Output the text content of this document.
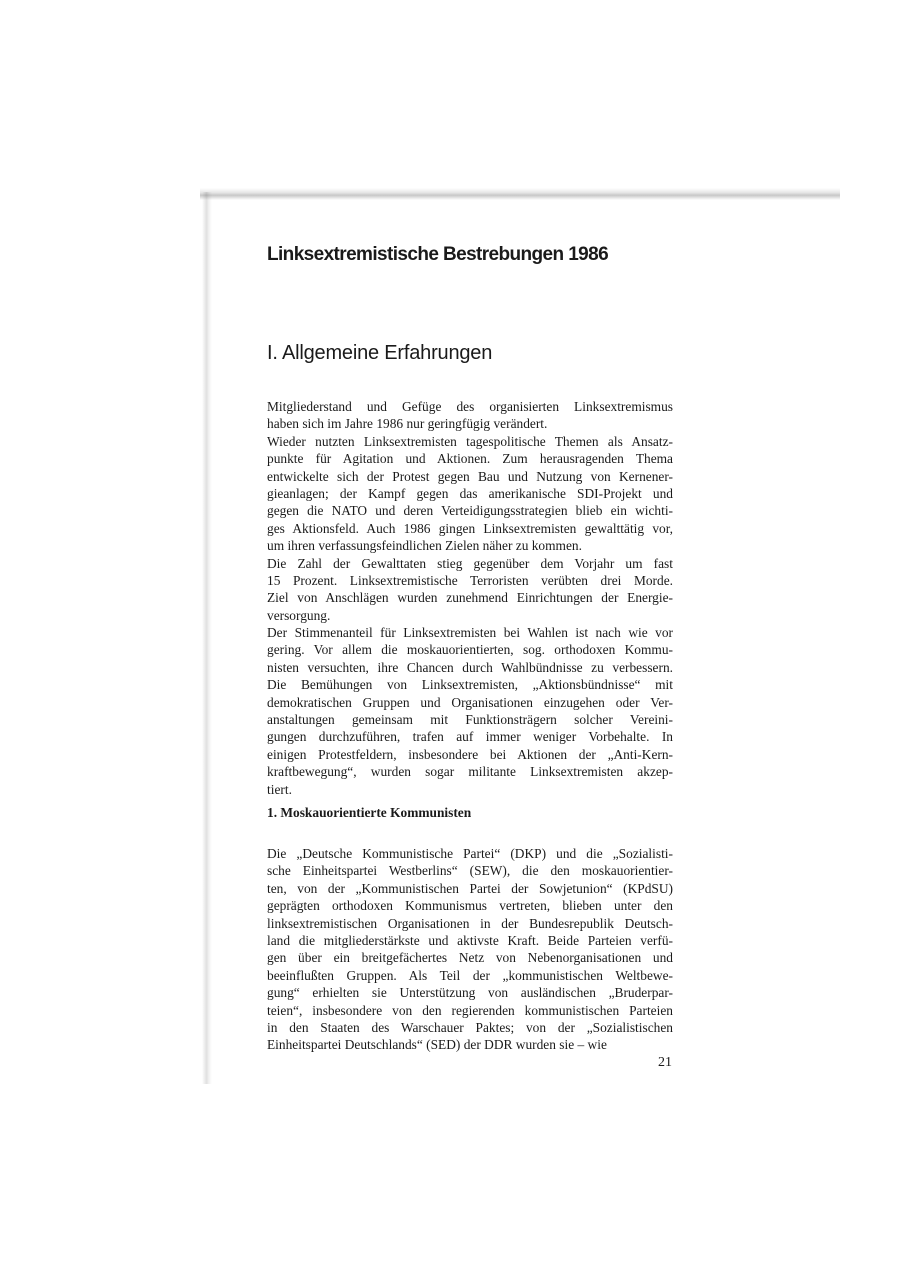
Linksextremistische Bestrebungen 1986
I. Allgemeine Erfahrungen
Mitgliederstand und Gefüge des organisierten Linksextremismus
haben sich im Jahre 1986 nur geringfügig verändert.
Wieder nutzten Linksextremisten tagespolitische Themen als Ansatz-
punkte für Agitation und Aktionen. Zum herausragenden Thema
entwickelte sich der Protest gegen Bau und Nutzung von Kernener-
gieanlagen; der Kampf gegen das amerikanische SDI-Projekt und
gegen die NATO und deren Verteidigungsstrategien blieb ein wichti-
ges Aktionsfeld. Auch 1986 gingen Linksextremisten gewalttätig vor,
um ihren verfassungsfeindlichen Zielen näher zu kommen.
Die Zahl der Gewalttaten stieg gegenüber dem Vorjahr um fast
15 Prozent. Linksextremistische Terroristen verübten drei Morde.
Ziel von Anschlägen wurden zunehmend Einrichtungen der Energie-
versorgung.
Der Stimmenanteil für Linksextremisten bei Wahlen ist nach wie vor
gering. Vor allem die moskauorientierten, sog. orthodoxen Kommu-
nisten versuchten, ihre Chancen durch Wahlbündnisse zu verbessern.
Die Bemühungen von Linksextremisten, „Aktionsbündnisse“ mit
demokratischen Gruppen und Organisationen einzugehen oder Ver-
anstaltungen gemeinsam mit Funktionsträgern solcher Vereini-
gungen durchzuführen, trafen auf immer weniger Vorbehalte. In
einigen Protestfeldern, insbesondere bei Aktionen der „Anti-Kern-
kraftbewegung“, wurden sogar militante Linksextremisten akzep-
tiert.
1. Moskauorientierte Kommunisten
Die „Deutsche Kommunistische Partei“ (DKP) und die „Sozialisti-
sche Einheitspartei Westberlins“ (SEW), die den moskauorientier-
ten, von der „Kommunistischen Partei der Sowjetunion“ (KPdSU)
geprägten orthodoxen Kommunismus vertreten, blieben unter den
linksextremistischen Organisationen in der Bundesrepublik Deutsch-
land die mitgliederstärkste und aktivste Kraft. Beide Parteien verfü-
gen über ein breitgefächertes Netz von Nebenorganisationen und
beeinflußten Gruppen. Als Teil der „kommunistischen Weltbewe-
gung“ erhielten sie Unterstützung von ausländischen „Bruderpar-
teien“, insbesondere von den regierenden kommunistischen Parteien
in den Staaten des Warschauer Paktes; von der „Sozialistischen
Einheitspartei Deutschlands“ (SED) der DDR wurden sie – wie
21
